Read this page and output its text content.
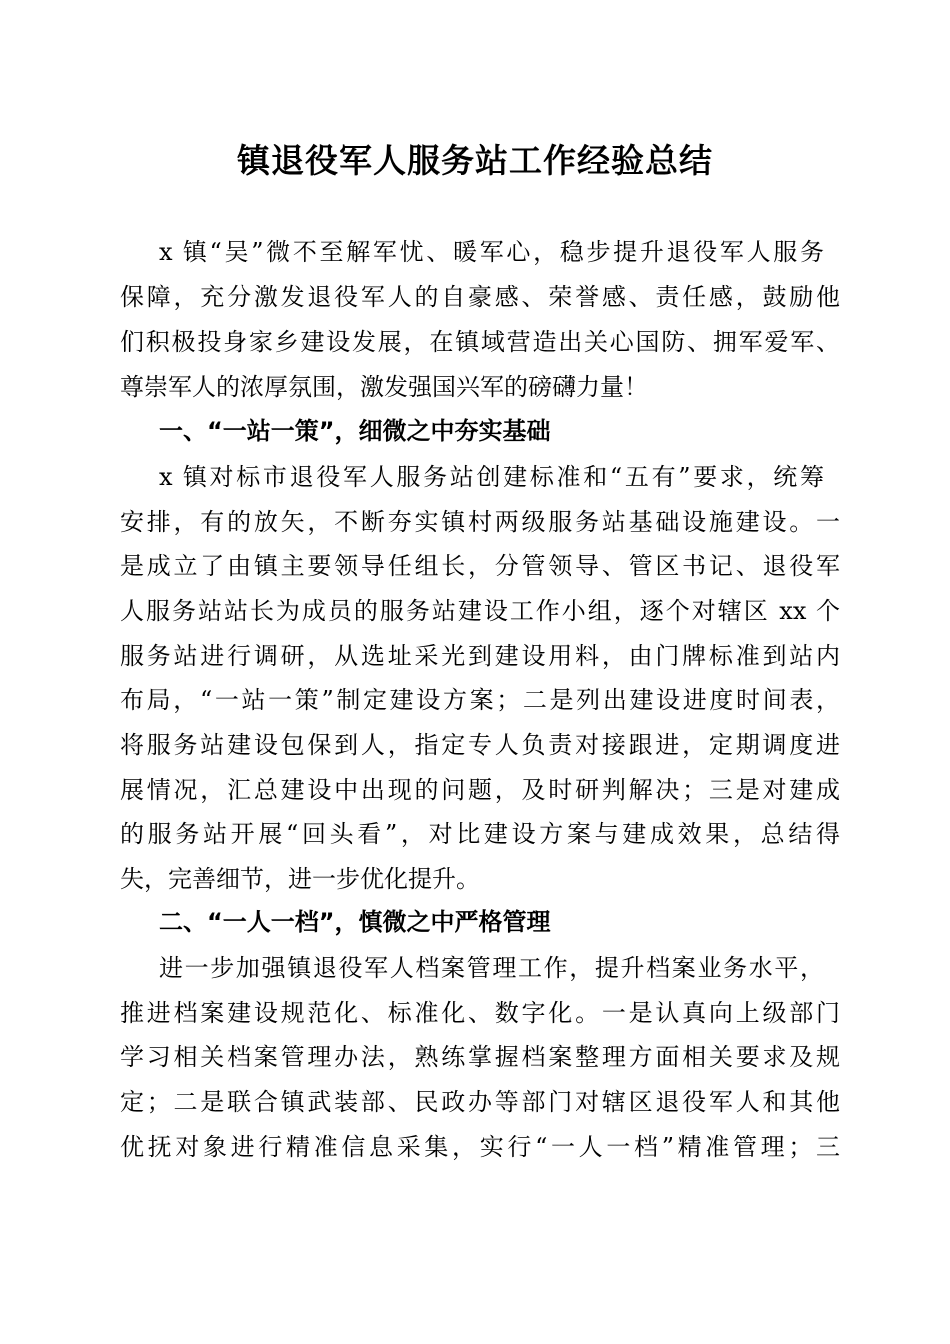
镇退役军人服务站工作经验总结
x 镇“吴”微不至解军忧、暖军心，稳步提升退役军人服务
保障，充分激发退役军人的自豪感、荣誉感、责任感，鼓励他
们积极投身家乡建设发展，在镇域营造出关心国防、拥军爱军、
尊崇军人的浓厚氛围，激发强国兴军的磅礴力量！
一、“一站一策”，细微之中夯实基础
x 镇对标市退役军人服务站创建标准和“五有”要求，统筹
安排，有的放矢，不断夯实镇村两级服务站基础设施建设。一
是成立了由镇主要领导任组长，分管领导、管区书记、退役军
人服务站站长为成员的服务站建设工作小组，逐个对辖区 xx 个
服务站进行调研，从选址采光到建设用料，由门牌标准到站内
布局，“一站一策”制定建设方案；二是列出建设进度时间表，
将服务站建设包保到人，指定专人负责对接跟进，定期调度进
展情况，汇总建设中出现的问题，及时研判解决；三是对建成
的服务站开展“回头看”，对比建设方案与建成效果，总结得
失，完善细节，进一步优化提升。
二、“一人一档”，慎微之中严格管理
进一步加强镇退役军人档案管理工作，提升档案业务水平，
推进档案建设规范化、标准化、数字化。一是认真向上级部门
学习相关档案管理办法，熟练掌握档案整理方面相关要求及规
定；二是联合镇武装部、民政办等部门对辖区退役军人和其他
优抚对象进行精准信息采集，实行“一人一档”精准管理；三
